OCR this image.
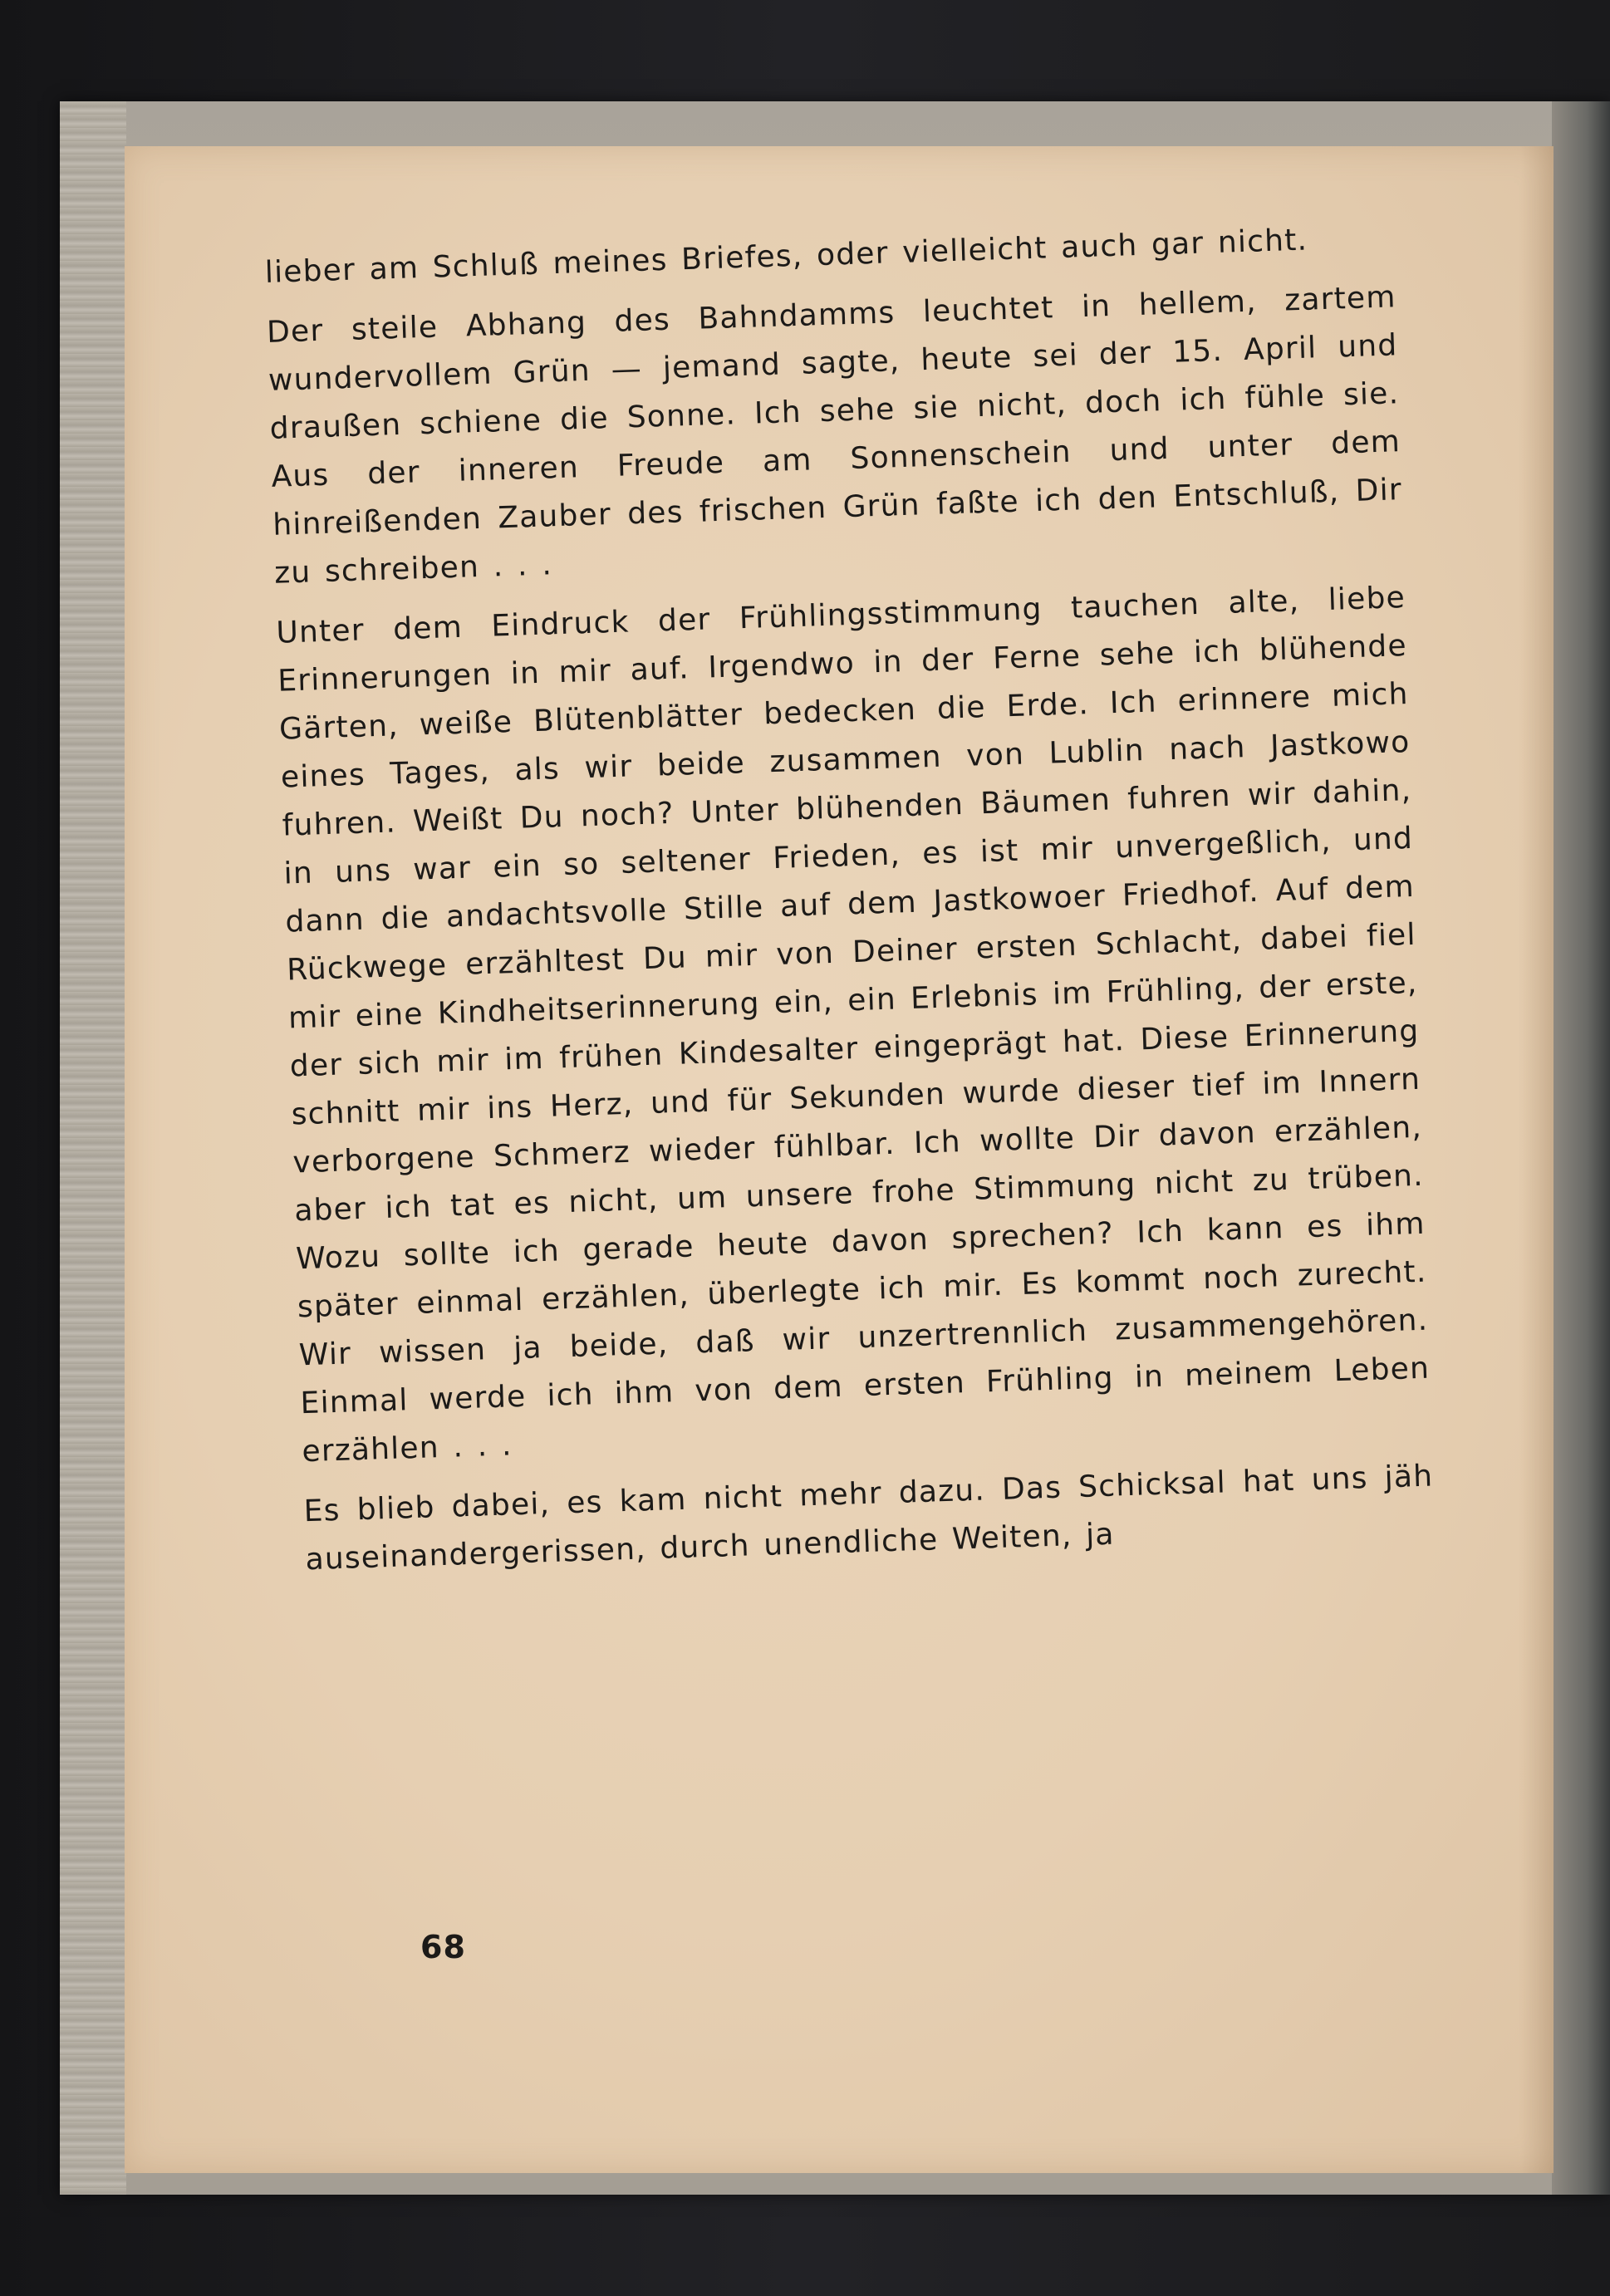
lieber am Schluß meines Briefes, oder vielleicht auch gar nicht.

Der steile Abhang des Bahndamms leuchtet in hellem, zartem wundervollem Grün — jemand sagte, heute sei der 15. April und draußen schiene die Sonne. Ich sehe sie nicht, doch ich fühle sie. Aus der inneren Freude am Sonnenschein und unter dem hinreißenden Zauber des frischen Grün faßte ich den Entschluß, Dir zu schreiben . . .

Unter dem Eindruck der Frühlingsstimmung tauchen alte, liebe Erinnerungen in mir auf. Irgendwo in der Ferne sehe ich blühende Gärten, weiße Blütenblätter bedecken die Erde. Ich erinnere mich eines Tages, als wir beide zusammen von Lublin nach Jastkowo fuhren. Weißt Du noch? Unter blühenden Bäumen fuhren wir dahin, in uns war ein so seltener Frieden, es ist mir unvergeßlich, und dann die andachtsvolle Stille auf dem Jastkowoer Friedhof. Auf dem Rückwege erzähltest Du mir von Deiner ersten Schlacht, dabei fiel mir eine Kindheitserinnerung ein, ein Erlebnis im Frühling, der erste, der sich mir im frühen Kindesalter eingeprägt hat. Diese Erinnerung schnitt mir ins Herz, und für Sekunden wurde dieser tief im Innern verborgene Schmerz wieder fühlbar. Ich wollte Dir davon erzählen, aber ich tat es nicht, um unsere frohe Stimmung nicht zu trüben. Wozu sollte ich gerade heute davon sprechen? Ich kann es ihm später einmal erzählen, überlegte ich mir. Es kommt noch zurecht. Wir wissen ja beide, daß wir unzertrennlich zusammengehören. Einmal werde ich ihm von dem ersten Frühling in meinem Leben erzählen . . .

Es blieb dabei, es kam nicht mehr dazu. Das Schicksal hat uns jäh auseinandergerissen, durch unendliche Weiten, ja

68
